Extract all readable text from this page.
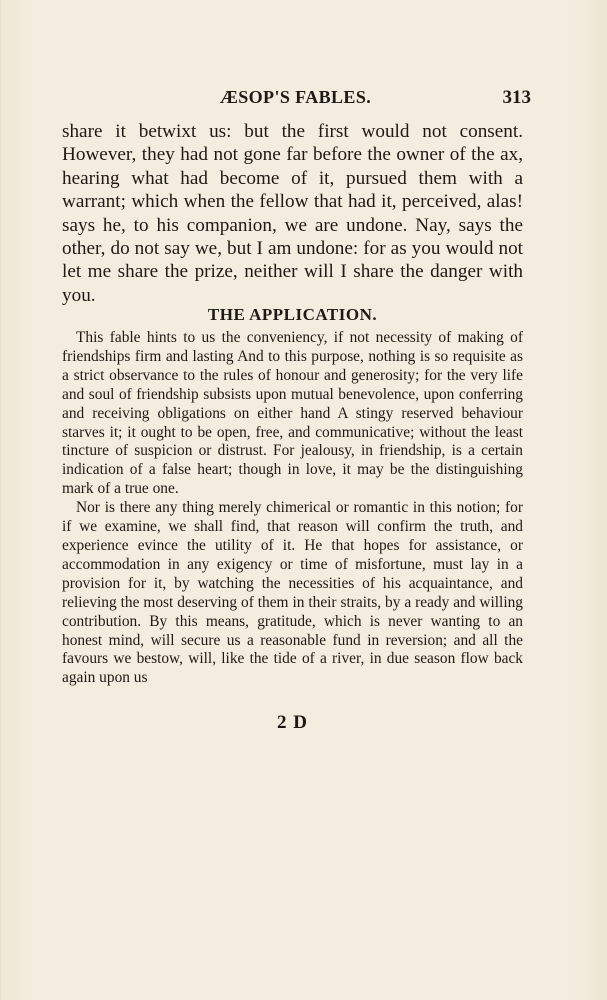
ÆSOP'S FABLES.	313

share it betwixt us: but the first would not consent. However, they had not gone far before the owner of the ax, hearing what had become of it, pursued them with a warrant; which when the fellow that had it, perceived, alas! says he, to his companion, we are undone. Nay, says the other, do not say we, but I am undone: for as you would not let me share the prize, neither will I share the danger with you.

THE APPLICATION.

This fable hints to us the conveniency, if not necessity of making of friendships firm and lasting And to this purpose, nothing is so requisite as a strict observance to the rules of honour and generosity; for the very life and soul of friendship subsists upon mutual benevolence, upon conferring and receiving obligations on either hand A stingy reserved behaviour starves it; it ought to be open, free, and communicative; without the least tincture of suspicion or distrust. For jealousy, in friendship, is a certain indication of a false heart; though in love, it may be the distinguishing mark of a true one.

Nor is there any thing merely chimerical or romantic in this notion; for if we examine, we shall find, that reason will confirm the truth, and experience evince the utility of it. He that hopes for assistance, or accommodation in any exigency or time of misfortune, must lay in a provision for it, by watching the necessities of his acquaintance, and relieving the most deserving of them in their straits, by a ready and willing contribution. By this means, gratitude, which is never wanting to an honest mind, will secure us a reasonable fund in reversion; and all the favours we bestow, will, like the tide of a river, in due season flow back again upon us

2 D
